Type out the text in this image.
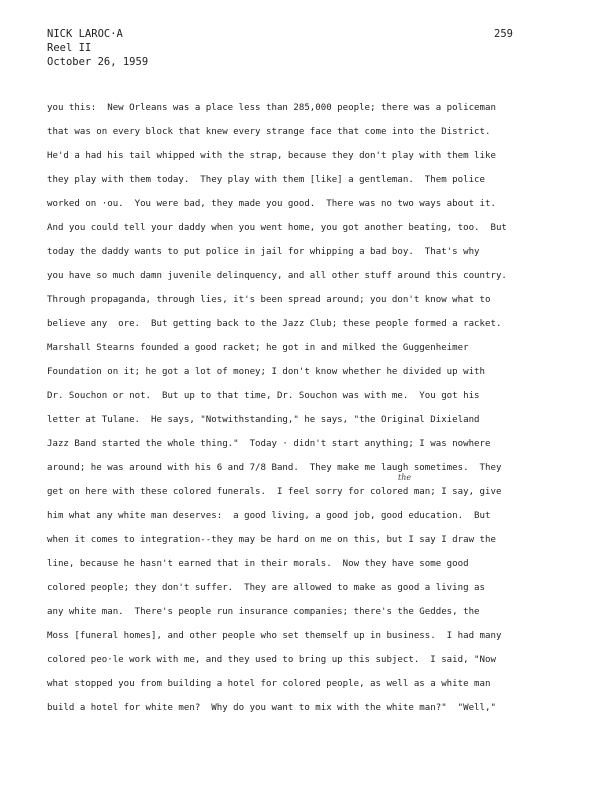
NICK LAROC·A
Reel II
October 26, 1959
259
you this:  New Orleans was a place less than 285,000 people; there was a policeman
that was on every block that knew every strange face that come into the District.
He'd a had his tail whipped with the strap, because they don't play with them like
they play with them today.  They play with them [like] a gentleman.  Them police
worked on ·ou.  You were bad, they made you good.  There was no two ways about it.
And you could tell your daddy when you went home, you got another beating, too.  But
today the daddy wants to put police in jail for whipping a bad boy.  That's why
you have so much damn juvenile delinquency, and all other stuff around this country.
Through propaganda, through lies, it's been spread around; you don't know what to
believe any  ore.  But getting back to the Jazz Club; these people formed a racket.
Marshall Stearns founded a good racket; he got in and milked the Guggenheimer
Foundation on it; he got a lot of money; I don't know whether he divided up with
Dr. Souchon or not.  But up to that time, Dr. Souchon was with me.  You got his
letter at Tulane.  He says, "Notwithstanding," he says, "the Original Dixieland
Jazz Band started the whole thing."  Today · didn't start anything; I was nowhere
around; he was around with his 6 and 7/8 Band.  They make me laugh sometimes.  They
get on here with these colored funerals.  I feel sorry for colored man; I say, give
him what any white man deserves:  a good living, a good job, good education.  But
when it comes to integration--they may be hard on me on this, but I say I draw the
line, because he hasn't earned that in their morals.  Now they have some good
colored people; they don't suffer.  They are allowed to make as good a living as
any white man.  There's people run insurance companies; there's the Geddes, the
Moss [funeral homes], and other people who set themself up in business.  I had many
colored peo·le work with me, and they used to bring up this subject.  I said, "Now
what stopped you from building a hotel for colored people, as well as a white man
build a hotel for white men?  Why do you want to mix with the white man?"  "Well,"
the
